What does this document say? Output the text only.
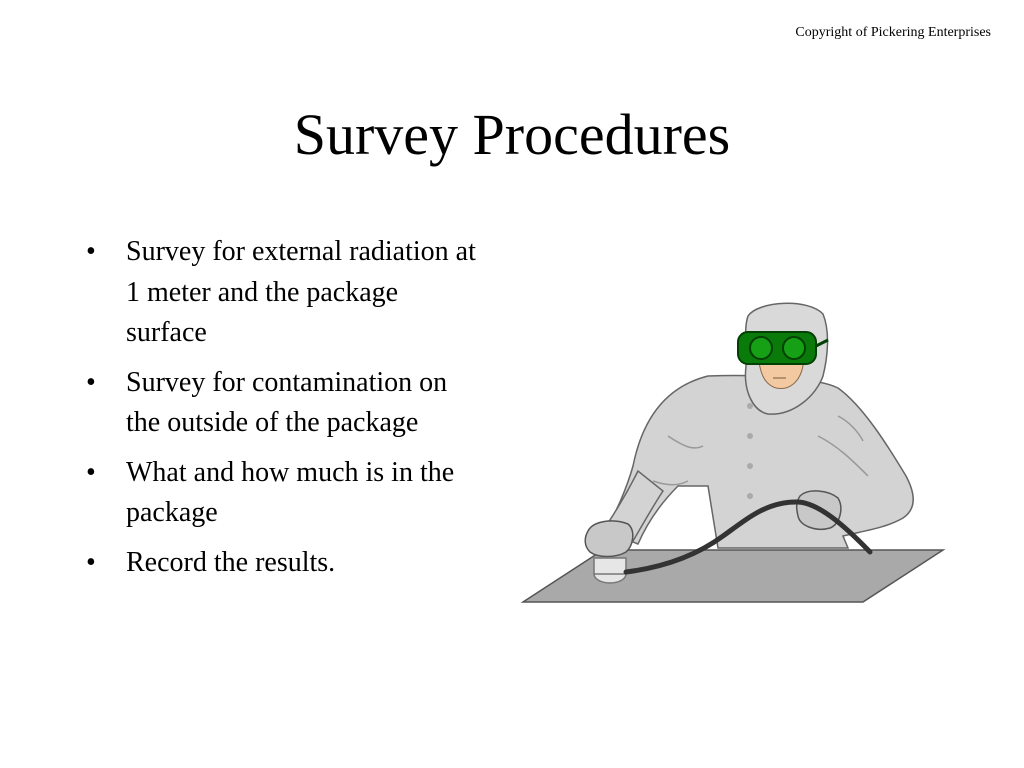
Copyright of Pickering Enterprises
Survey Procedures
• Survey for external radiation at 1 meter and the package surface
• Survey for contamination on the outside of the package
• What and how much is in the package
• Record the results.
